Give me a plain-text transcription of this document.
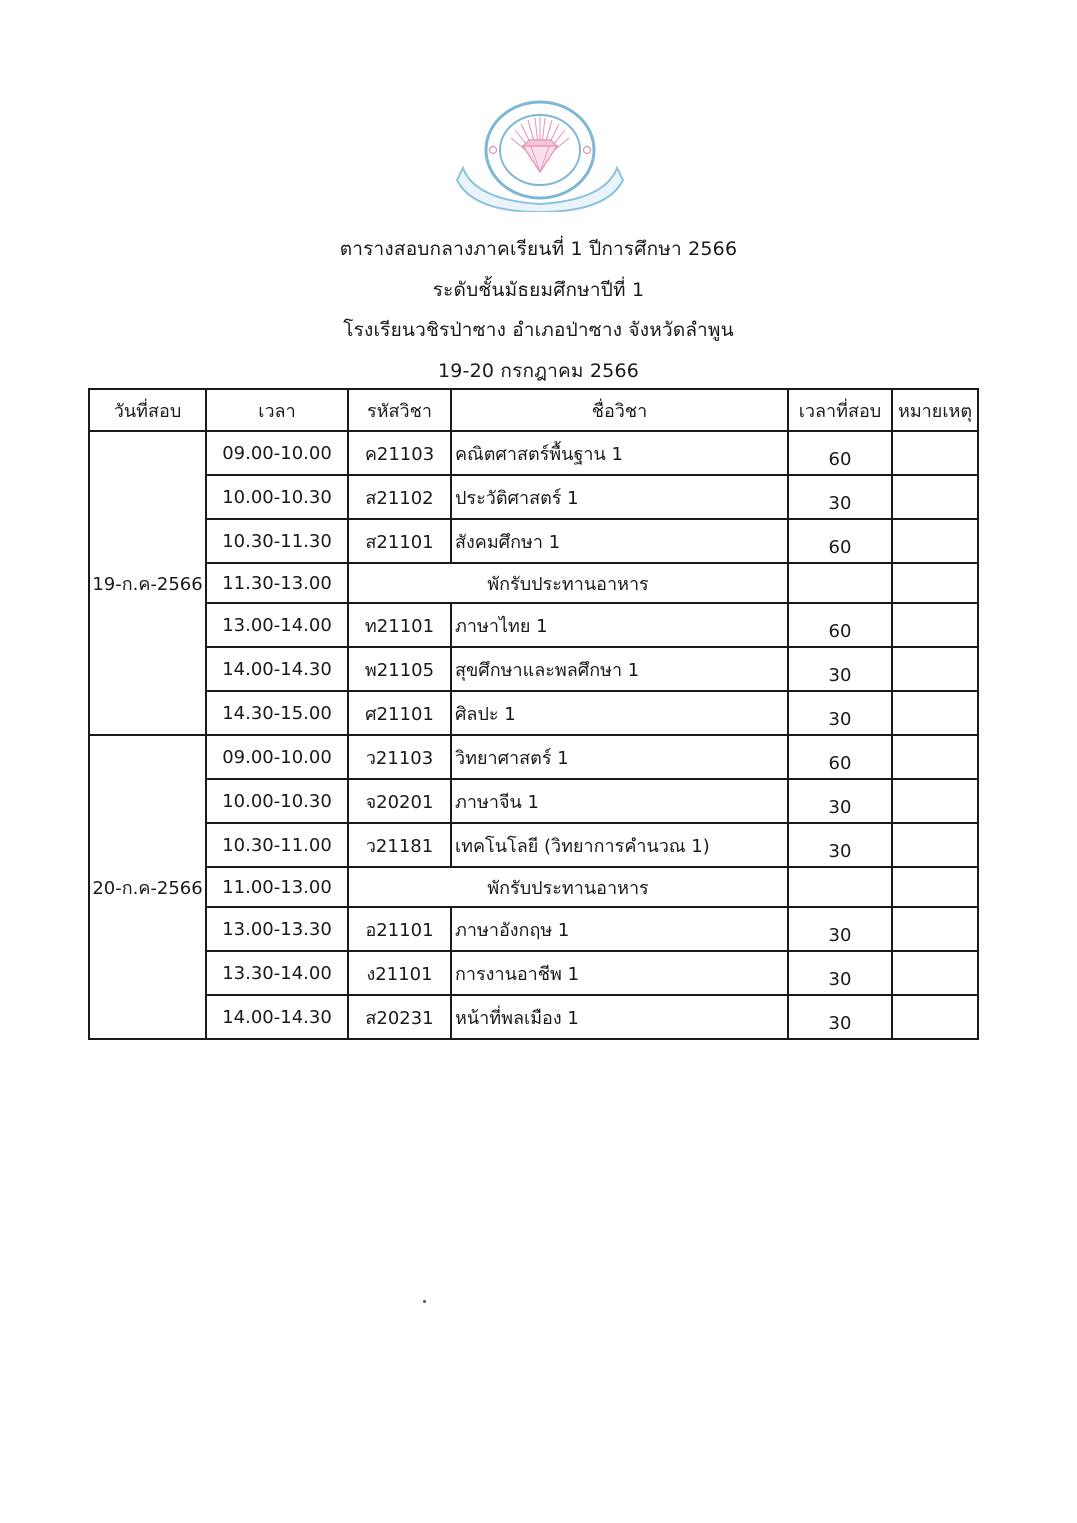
ตารางสอบกลางภาคเรียนที่ 1 ปีการศึกษา 2566
ระดับชั้นมัธยมศึกษาปีที่ 1
โรงเรียนวชิรป่าซาง อำเภอป่าซาง จังหวัดลำพูน
19-20 กรกฎาคม 2566
วันที่สอบ	เวลา	รหัสวิชา	ชื่อวิชา	เวลาที่สอบ	หมายเหตุ
19-ก.ค-2566	09.00-10.00	ค21103	คณิตศาสตร์พื้นฐาน 1	60	
	10.00-10.30	ส21102	ประวัติศาสตร์ 1	30	
	10.30-11.30	ส21101	สังคมศึกษา 1	60	
	11.30-13.00	พักรับประทานอาหาร			
	13.00-14.00	ท21101	ภาษาไทย 1	60	
	14.00-14.30	พ21105	สุขศึกษาและพลศึกษา 1	30	
	14.30-15.00	ศ21101	ศิลปะ 1	30	
20-ก.ค-2566	09.00-10.00	ว21103	วิทยาศาสตร์ 1	60	
	10.00-10.30	จ20201	ภาษาจีน 1	30	
	10.30-11.00	ว21181	เทคโนโลยี (วิทยาการคำนวณ 1)	30	
	11.00-13.00	พักรับประทานอาหาร			
	13.00-13.30	อ21101	ภาษาอังกฤษ 1	30	
	13.30-14.00	ง21101	การงานอาชีพ 1	30	
	14.00-14.30	ส20231	หน้าที่พลเมือง 1	30	
